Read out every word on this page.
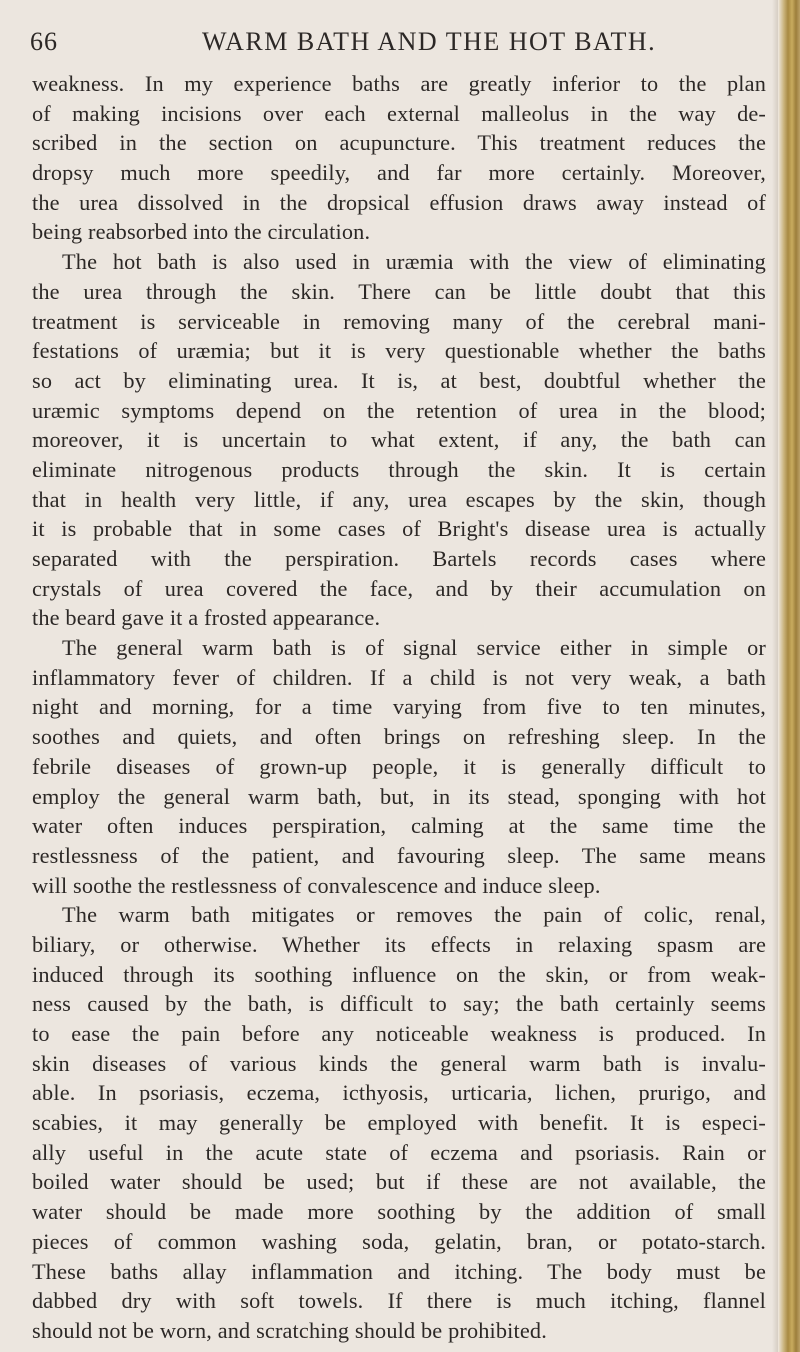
66	WARM BATH AND THE HOT BATH.
weakness. In my experience baths are greatly inferior to the plan
of making incisions over each external malleolus in the way de-
scribed in the section on acupuncture. This treatment reduces the
dropsy much more speedily, and far more certainly. Moreover,
the urea dissolved in the dropsical effusion draws away instead of
being reabsorbed into the circulation.
The hot bath is also used in uræmia with the view of eliminating
the urea through the skin. There can be little doubt that this
treatment is serviceable in removing many of the cerebral mani-
festations of uræmia; but it is very questionable whether the baths
so act by eliminating urea. It is, at best, doubtful whether the
uræmic symptoms depend on the retention of urea in the blood;
moreover, it is uncertain to what extent, if any, the bath can
eliminate nitrogenous products through the skin. It is certain
that in health very little, if any, urea escapes by the skin, though
it is probable that in some cases of Bright's disease urea is actually
separated with the perspiration. Bartels records cases where
crystals of urea covered the face, and by their accumulation on
the beard gave it a frosted appearance.
The general warm bath is of signal service either in simple or
inflammatory fever of children. If a child is not very weak, a bath
night and morning, for a time varying from five to ten minutes,
soothes and quiets, and often brings on refreshing sleep. In the
febrile diseases of grown-up people, it is generally difficult to
employ the general warm bath, but, in its stead, sponging with hot
water often induces perspiration, calming at the same time the
restlessness of the patient, and favouring sleep. The same means
will soothe the restlessness of convalescence and induce sleep.
The warm bath mitigates or removes the pain of colic, renal,
biliary, or otherwise. Whether its effects in relaxing spasm are
induced through its soothing influence on the skin, or from weak-
ness caused by the bath, is difficult to say; the bath certainly seems
to ease the pain before any noticeable weakness is produced. In
skin diseases of various kinds the general warm bath is invalu-
able. In psoriasis, eczema, icthyosis, urticaria, lichen, prurigo, and
scabies, it may generally be employed with benefit. It is especi-
ally useful in the acute state of eczema and psoriasis. Rain or
boiled water should be used; but if these are not available, the
water should be made more soothing by the addition of small
pieces of common washing soda, gelatin, bran, or potato-starch.
These baths allay inflammation and itching. The body must be
dabbed dry with soft towels. If there is much itching, flannel
should not be worn, and scratching should be prohibited.
